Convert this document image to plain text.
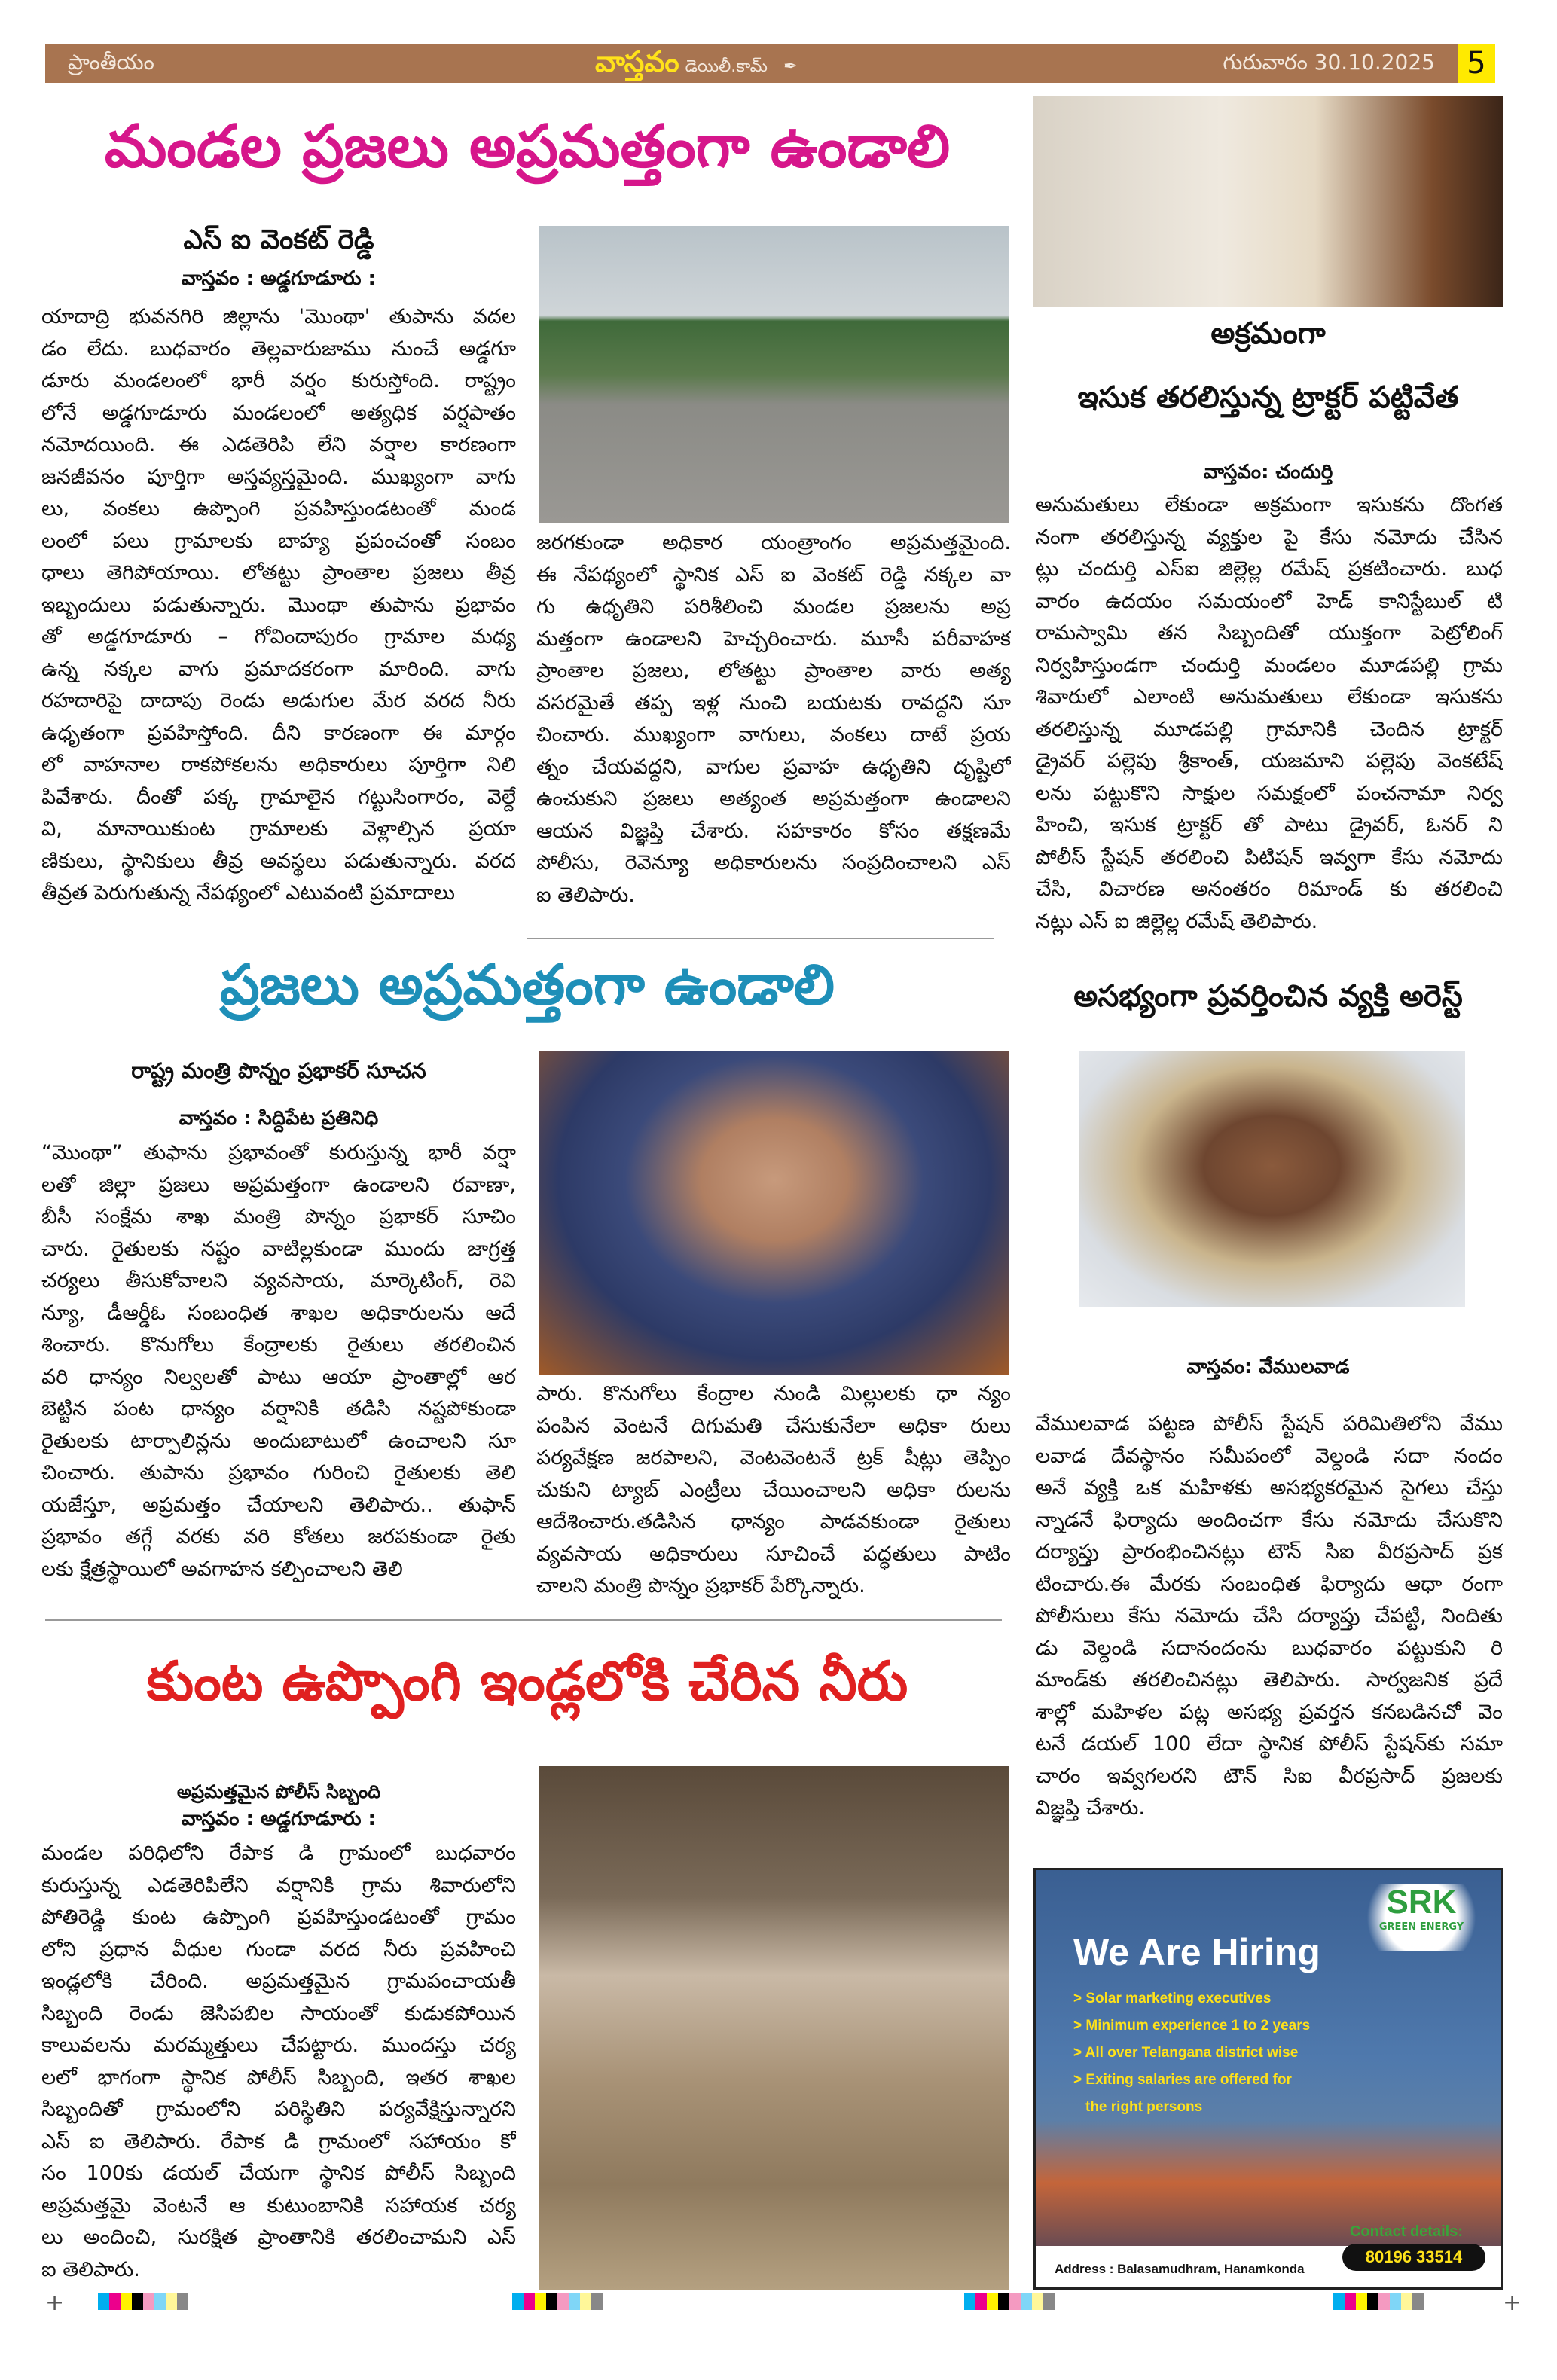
ప్రాంతీయం	వాస్తవం డెయిలీ.కామ్ ✒	గురువారం 30.10.2025	5
మండల ప్రజలు అప్రమత్తంగా ఉండాలి
ఎస్ ఐ వెంకట్ రెడ్డి
వాస్తవం : అడ్డగూడూరు :
యాదాద్రి భువనగిరి జిల్లాను 'మొంథా' తుపాను వదల
డం లేదు. బుధవారం తెల్లవారుజాము నుంచే అడ్డగూ
డూరు మండలంలో భారీ వర్షం కురుస్తోంది. రాష్ట్రం
లోనే అడ్డగూడూరు మండలంలో అత్యధిక వర్షపాతం
నమోదయింది. ఈ ఎడతెరిపి లేని వర్షాల కారణంగా
జనజీవనం పూర్తిగా అస్తవ్యస్తమైంది. ముఖ్యంగా వాగు
లు, వంకలు ఉప్పొంగి ప్రవహిస్తుండటంతో మండ
లంలో పలు గ్రామాలకు బాహ్య ప్రపంచంతో సంబం
ధాలు తెగిపోయాయి. లోతట్టు ప్రాంతాల ప్రజలు తీవ్ర
ఇబ్బందులు పడుతున్నారు. మొంథా తుపాను ప్రభావం
తో అడ్డగూడూరు – గోవిందాపురం గ్రామాల మధ్య
ఉన్న నక్కల వాగు ప్రమాదకరంగా మారింది. వాగు
రహదారిపై దాదాపు రెండు అడుగుల మేర వరద నీరు
ఉధృతంగా ప్రవహిస్తోంది. దీని కారణంగా ఈ మార్గం
లో వాహనాల రాకపోకలను అధికారులు పూర్తిగా నిలి
పివేశారు. దీంతో పక్క గ్రామాలైన గట్టుసింగారం, వెల్దే
వి, మానాయికుంట గ్రామాలకు వెళ్లాల్సిన ప్రయా
ణికులు, స్థానికులు తీవ్ర అవస్థలు పడుతున్నారు. వరద
తీవ్రత పెరుగుతున్న నేపథ్యంలో ఎటువంటి ప్రమాదాలు
జరగకుండా అధికార యంత్రాంగం అప్రమత్తమైంది.
ఈ నేపథ్యంలో స్థానిక ఎస్ ఐ వెంకట్ రెడ్డి నక్కల వా
గు ఉధృతిని పరిశీలించి మండల ప్రజలను అప్ర
మత్తంగా ఉండాలని హెచ్చరించారు. మూసీ పరీవాహక
ప్రాంతాల ప్రజలు, లోతట్టు ప్రాంతాల వారు అత్య
వసరమైతే తప్ప ఇళ్ల నుంచి బయటకు రావద్దని సూ
చించారు. ముఖ్యంగా వాగులు, వంకలు దాటే ప్రయ
త్నం చేయవద్దని, వాగుల ప్రవాహ ఉధృతిని దృష్టిలో
ఉంచుకుని ప్రజలు అత్యంత అప్రమత్తంగా ఉండాలని
ఆయన విజ్ఞప్తి చేశారు. సహకారం కోసం తక్షణమే
పోలీసు, రెవెన్యూ అధికారులను సంప్రదించాలని ఎస్
ఐ తెలిపారు.
అక్రమంగా
ఇసుక తరలిస్తున్న ట్రాక్టర్ పట్టివేత
వాస్తవం: చందుర్తి
అనుమతులు లేకుండా అక్రమంగా ఇసుకను దొంగత
నంగా తరలిస్తున్న వ్యక్తుల పై కేసు నమోదు చేసిన
ట్లు చందుర్తి ఎస్ఐ జిల్లెల్ల రమేష్ ప్రకటించారు. బుధ
వారం ఉదయం సమయంలో హెడ్ కానిస్టేబుల్ టి
రామస్వామి తన సిబ్బందితో యుక్తంగా పెట్రోలింగ్
నిర్వహిస్తుండగా చందుర్తి మండలం మూడపల్లి గ్రామ
శివారులో ఎలాంటి అనుమతులు లేకుండా ఇసుకను
తరలిస్తున్న మూడపల్లి గ్రామానికి చెందిన ట్రాక్టర్
డ్రైవర్ పల్లెపు శ్రీకాంత్, యజమాని పల్లెపు వెంకటేష్
లను పట్టుకొని సాక్షుల సమక్షంలో పంచనామా నిర్వ
హించి, ఇసుక ట్రాక్టర్ తో పాటు డ్రైవర్, ఓనర్ ని
పోలీస్ స్టేషన్ తరలించి పిటిషన్ ఇవ్వగా కేసు నమోదు
చేసి, విచారణ అనంతరం రిమాండ్ కు తరలించి
నట్లు ఎస్ ఐ జిల్లెల్ల రమేష్ తెలిపారు.
ప్రజలు అప్రమత్తంగా ఉండాలి
రాష్ట్ర మంత్రి పొన్నం ప్రభాకర్ సూచన
వాస్తవం : సిద్దిపేట ప్రతినిధి
“మొంథా” తుఫాను ప్రభావంతో కురుస్తున్న భారీ వర్షా
లతో జిల్లా ప్రజలు అప్రమత్తంగా ఉండాలని రవాణా,
బీసీ సంక్షేమ శాఖ మంత్రి పొన్నం ప్రభాకర్ సూచిం
చారు. రైతులకు నష్టం వాటిల్లకుండా ముందు జాగ్రత్త
చర్యలు తీసుకోవాలని వ్యవసాయ, మార్కెటింగ్, రెవి
న్యూ, డీఆర్డీఓ సంబంధిత శాఖల అధికారులను ఆదే
శించారు. కొనుగోలు కేంద్రాలకు రైతులు తరలించిన
వరి ధాన్యం నిల్వలతో పాటు ఆయా ప్రాంతాల్లో ఆర
బెట్టిన పంట ధాన్యం వర్షానికి తడిసి నష్టపోకుండా
రైతులకు టార్పాలిన్లను అందుబాటులో ఉంచాలని సూ
చించారు. తుపాను ప్రభావం గురించి రైతులకు తెలి
యజేస్తూ, అప్రమత్తం చేయాలని తెలిపారు.. తుఫాన్
ప్రభావం తగ్గే వరకు వరి కోతలు జరపకుండా రైతు
లకు క్షేత్రస్థాయిలో అవగాహన కల్పించాలని తెలి
పారు. కొనుగోలు కేంద్రాల నుండి మిల్లులకు ధా న్యం
పంపిన వెంటనే దిగుమతి చేసుకునేలా అధికా రులు
పర్యవేక్షణ జరపాలని, వెంటవెంటనే ట్రక్ షీట్లు తెప్పిం
చుకుని ట్యాబ్ ఎంట్రీలు చేయించాలని అధికా రులను
ఆదేశించారు.తడిసిన ధాన్యం పాడవకుండా రైతులు
వ్యవసాయ అధికారులు సూచించే పద్ధతులు పాటిం
చాలని మంత్రి పొన్నం ప్రభాకర్ పేర్కొన్నారు.
అసభ్యంగా ప్రవర్తించిన వ్యక్తి అరెస్ట్
వాస్తవం: వేములవాడ
వేములవాడ పట్టణ పోలీస్ స్టేషన్ పరిమితిలోని వేము
లవాడ దేవస్థానం సమీపంలో వెల్దండి సదా నందం
అనే వ్యక్తి ఒక మహిళకు అసభ్యకరమైన సైగలు చేస్తు
న్నాడనే ఫిర్యాదు అందించగా కేసు నమోదు చేసుకొని
దర్యాప్తు ప్రారంభించినట్లు టౌన్ సిఐ వీరప్రసాద్ ప్రక
టించారు.ఈ మేరకు సంబంధిత ఫిర్యాదు ఆధా రంగా
పోలీసులు కేసు నమోదు చేసి దర్యాప్తు చేపట్టి, నిందితు
డు వెల్దండి సదానందంను బుధవారం పట్టుకుని రి
మాండ్‌కు తరలించినట్లు తెలిపారు. సార్వజనిక ప్రదే
శాల్లో మహిళల పట్ల అసభ్య ప్రవర్తన కనబడినచో వెం
టనే డయల్ 100 లేదా స్థానిక పోలీస్ స్టేషన్‌కు సమా
చారం ఇవ్వగలరని టౌన్ సిఐ వీరప్రసాద్ ప్రజలకు
విజ్ఞప్తి చేశారు.
కుంట ఉప్పొంగి ఇండ్లలోకి చేరిన నీరు
అప్రమత్తమైన పోలీస్ సిబ్బంది
వాస్తవం : అడ్డగూడూరు :
మండల పరిధిలోని రేపాక డి గ్రామంలో బుధవారం
కురుస్తున్న ఎడతెరిపిలేని వర్షానికి గ్రామ శివారులోని
పోతిరెడ్డి కుంట ఉప్పొంగి ప్రవహిస్తుండటంతో గ్రామం
లోని ప్రధాన వీధుల గుండా వరద నీరు ప్రవహించి
ఇండ్లలోకి చేరింది. అప్రమత్తమైన గ్రామపంచాయతీ
సిబ్బంది రెండు జెసిపబిల సాయంతో కుడుకపోయిన
కాలువలను మరమ్మత్తులు చేపట్టారు. ముందస్తు చర్య
లలో భాగంగా స్థానిక పోలీస్ సిబ్బంది, ఇతర శాఖల
సిబ్బందితో గ్రామంలోని పరిస్థితిని పర్యవేక్షిస్తున్నారని
ఎస్ ఐ తెలిపారు. రేపాక డి గ్రామంలో సహాయం కో
సం 100కు డయల్ చేయగా స్థానిక పోలీస్ సిబ్బంది
అప్రమత్తమై వెంటనే ఆ కుటుంబానికి సహాయక చర్య
లు అందించి, సురక్షిత ప్రాంతానికి తరలించామని ఎస్
ఐ తెలిపారు.
SRK
GREEN ENERGY
We Are Hiring
> Solar marketing executives
> Minimum experience 1 to 2 years
> All over Telangana district wise
> Exiting salaries are offered for
the right persons
Contact details:
80196 33514
Address : Balasamudhram, Hanamkonda
+	+
